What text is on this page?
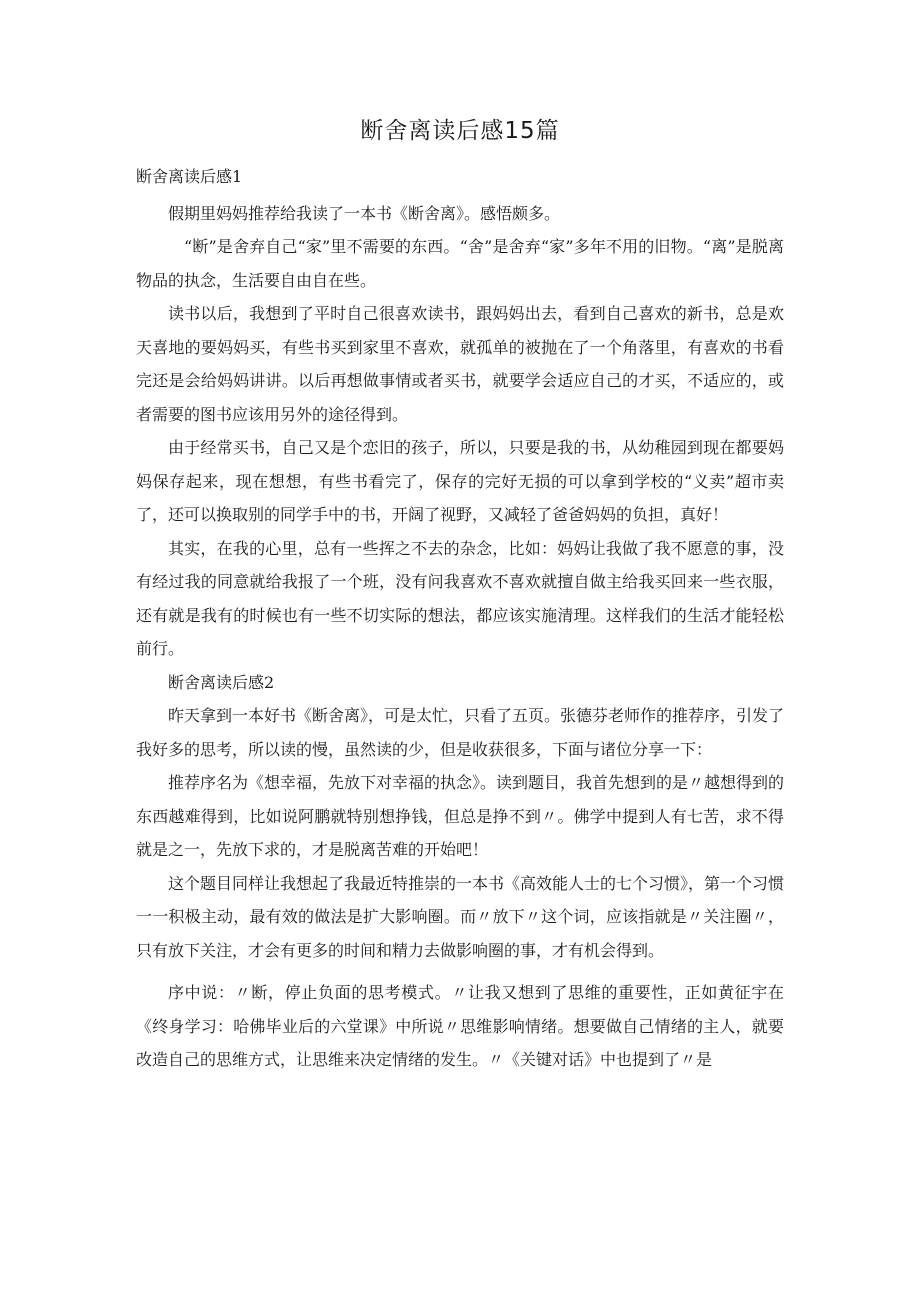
断舍离读后感15篇

断舍离读后感1

假期里妈妈推荐给我读了一本书《断舍离》。感悟颇多。

“断”是舍弃自己“家”里不需要的东西。“舍”是舍弃“家”多年不用的旧物。“离”是脱离物品的执念，生活要自由自在些。

读书以后，我想到了平时自己很喜欢读书，跟妈妈出去，看到自己喜欢的新书，总是欢天喜地的要妈妈买，有些书买到家里不喜欢，就孤单的被抛在了一个角落里，有喜欢的书看完还是会给妈妈讲讲。以后再想做事情或者买书，就要学会适应自己的才买，不适应的，或者需要的图书应该用另外的途径得到。

由于经常买书，自己又是个恋旧的孩子，所以，只要是我的书，从幼稚园到现在都要妈妈保存起来，现在想想，有些书看完了，保存的完好无损的可以拿到学校的“义卖”超市卖了，还可以换取别的同学手中的书，开阔了视野，又减轻了爸爸妈妈的负担，真好！

其实，在我的心里，总有一些挥之不去的杂念，比如：妈妈让我做了我不愿意的事，没有经过我的同意就给我报了一个班，没有问我喜欢不喜欢就擅自做主给我买回来一些衣服，还有就是我有的时候也有一些不切实际的想法，都应该实施清理。这样我们的生活才能轻松前行。

断舍离读后感2

昨天拿到一本好书《断舍离》，可是太忙，只看了五页。张德芬老师作的推荐序，引发了我好多的思考，所以读的慢，虽然读的少，但是收获很多，下面与诸位分享一下：

推荐序名为《想幸福，先放下对幸福的执念》。读到题目，我首先想到的是〃越想得到的东西越难得到，比如说阿鹏就特别想挣钱，但总是挣不到〃。佛学中提到人有七苦，求不得就是之一，先放下求的，才是脱离苦难的开始吧！

这个题目同样让我想起了我最近特推崇的一本书《高效能人士的七个习惯》，第一个习惯一一积极主动，最有效的做法是扩大影响圈。而〃放下〃这个词，应该指就是〃关注圈〃，只有放下关注，才会有更多的时间和精力去做影响圈的事，才有机会得到。

序中说：〃断，停止负面的思考模式。〃让我又想到了思维的重要性，正如黄征宇在《终身学习：哈佛毕业后的六堂课》中所说〃思维影响情绪。想要做自己情绪的主人，就要改造自己的思维方式，让思维来决定情绪的发生。〃《关键对话》中也提到了〃是
